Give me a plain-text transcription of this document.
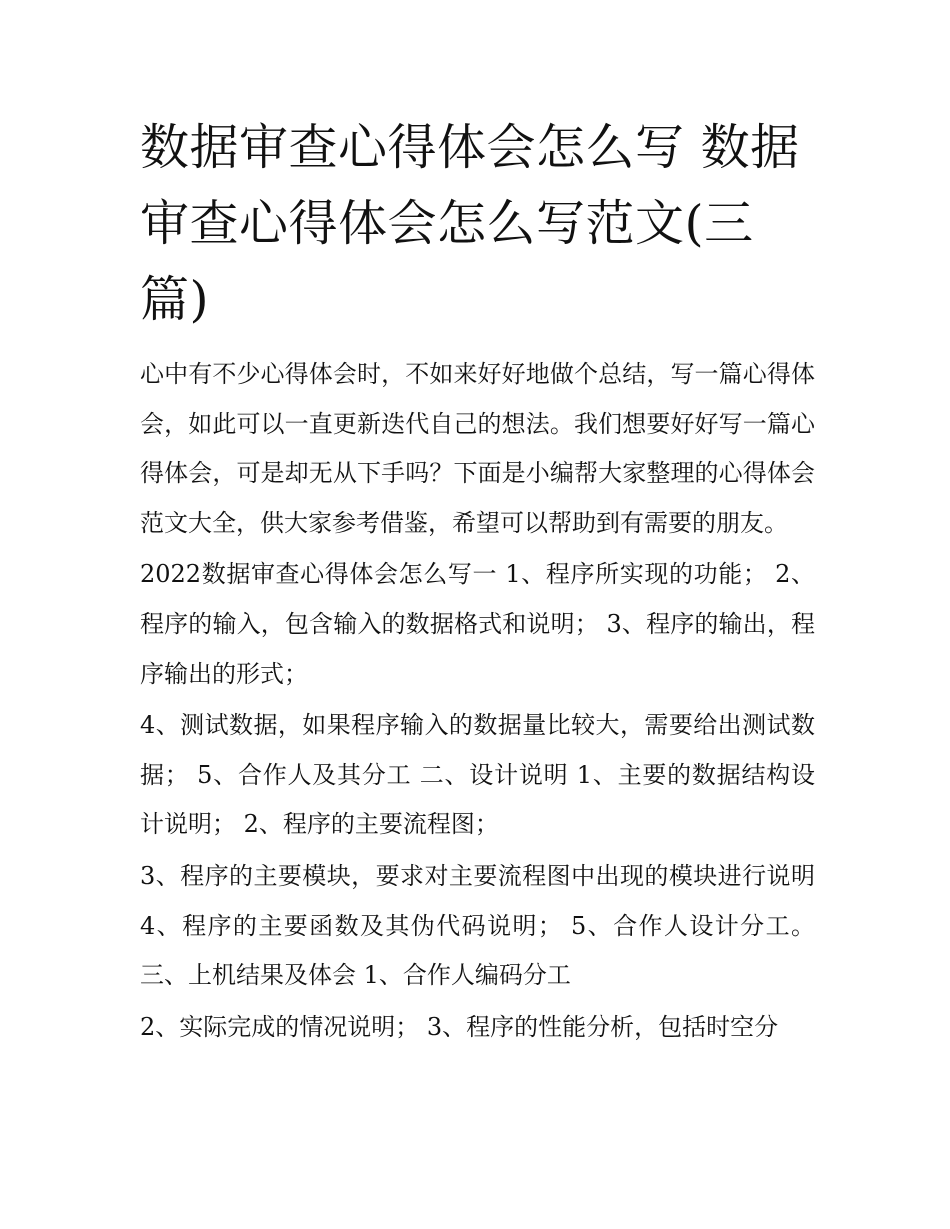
数据审查心得体会怎么写 数据审查心得体会怎么写范文(三篇)

心中有不少心得体会时，不如来好好地做个总结，写一篇心得体会，如此可以一直更新迭代自己的想法。我们想要好好写一篇心得体会，可是却无从下手吗？下面是小编帮大家整理的心得体会范文大全，供大家参考借鉴，希望可以帮助到有需要的朋友。

2022数据审查心得体会怎么写一 1、程序所实现的功能； 2、程序的输入，包含输入的数据格式和说明； 3、程序的输出，程序输出的形式；

4、测试数据，如果程序输入的数据量比较大，需要给出测试数据； 5、合作人及其分工 二、设计说明 1、主要的数据结构设计说明； 2、程序的主要流程图；

3、程序的主要模块，要求对主要流程图中出现的模块进行说明 4、程序的主要函数及其伪代码说明； 5、合作人设计分工。 三、上机结果及体会 1、合作人编码分工

2、实际完成的情况说明； 3、程序的性能分析，包括时空分
